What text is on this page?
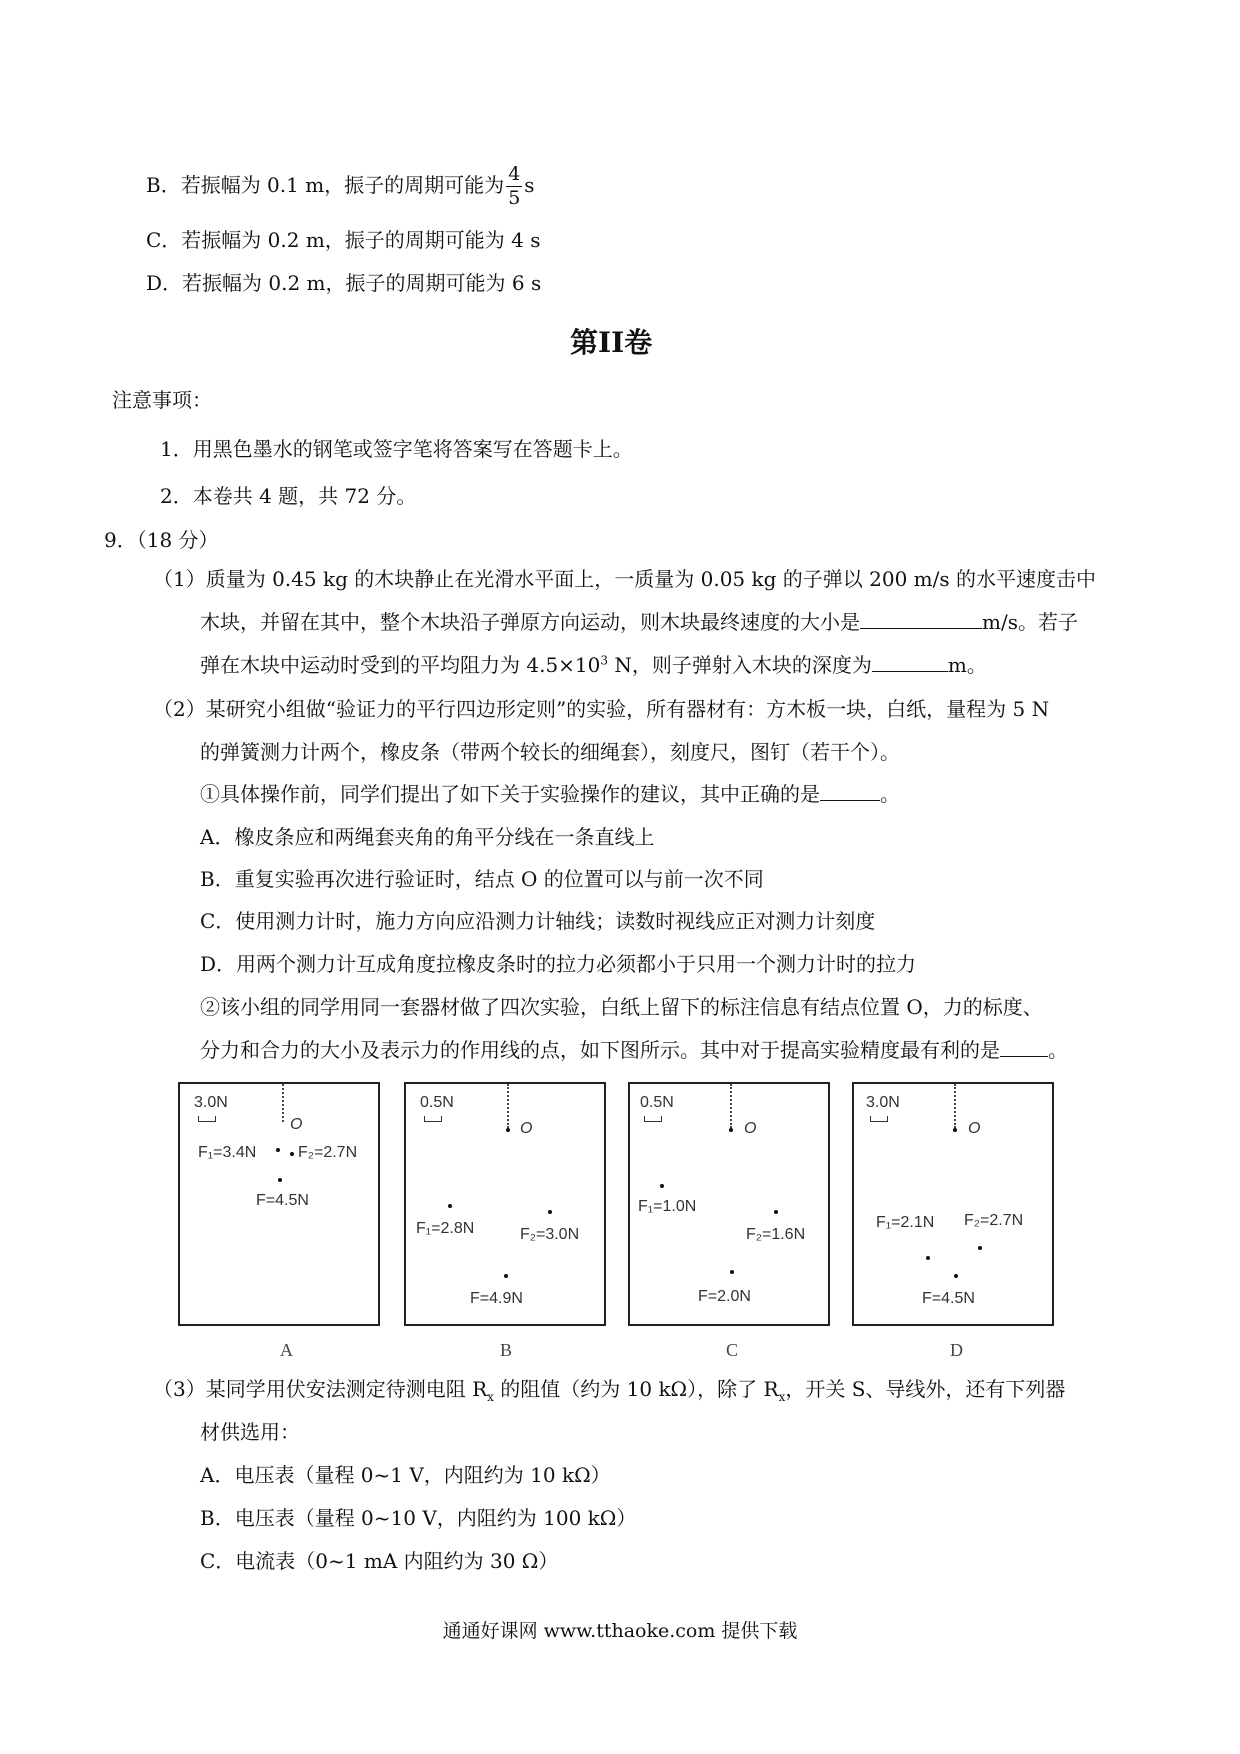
B．若振幅为 0.1 m，振子的周期可能为 $\frac{4}{5}$ s
C．若振幅为 0.2 m，振子的周期可能为 4 s
D．若振幅为 0.2 m，振子的周期可能为 6 s
第II卷
注意事项：
1．用黑色墨水的钢笔或签字笔将答案写在答题卡上。
2．本卷共 4 题，共 72 分。
9．（18 分）
（1）质量为 0.45 kg 的木块静止在光滑水平面上，一质量为 0.05 kg 的子弹以 200 m/s 的水平速度击中
木块，并留在其中，整个木块沿子弹原方向运动，则木块最终速度的大小是	m/s。若子
弹在木块中运动时受到的平均阻力为 $4.5\times 10^3$ N，则子弹射入木块的深度为	m。
（2）某研究小组做“验证力的平行四边形定则”的实验，所有器材有：方木板一块，白纸，量程为 5 N
的弹簧测力计两个，橡皮条（带两个较长的细绳套），刻度尺，图钉（若干个）。
①具体操作前，同学们提出了如下关于实验操作的建议，其中正确的是	。
A．橡皮条应和两绳套夹角的角平分线在一条直线上
B．重复实验再次进行验证时，结点 O 的位置可以与前一次不同
C．使用测力计时，施力方向应沿测力计轴线；读数时视线应正对测力计刻度
D．用两个测力计互成角度拉橡皮条时的拉力必须都小于只用一个测力计时的拉力
②该小组的同学用同一套器材做了四次实验，白纸上留下的标注信息有结点位置 O，力的标度、
分力和合力的大小及表示力的作用线的点，如下图所示。其中对于提高实验精度最有利的是 。
3.0N
O
F₁=3.4N	F₂=2.7N
F=4.5N
A
0.5N
O
F₁=2.8N	F₂=3.0N
F=4.9N
B
0.5N
O
F₁=1.0N
F₂=1.6N
F=2.0N
C
3.0N
O
F₁=2.1N F₂=2.7N
F=4.5N
D
（3）某同学用伏安法测定待测电阻 $R_x$ 的阻值（约为 10 kΩ），除了 $R_x$，开关 S、导线外，还有下列器
材供选用：
A．电压表（量程 0~1 V，内阻约为 10 kΩ）
B．电压表（量程 0~10 V，内阻约为 100 kΩ）
C．电流表（0~1 mA 内阻约为 30 Ω）
通通好课网 www.tthaoke.com 提供下载
